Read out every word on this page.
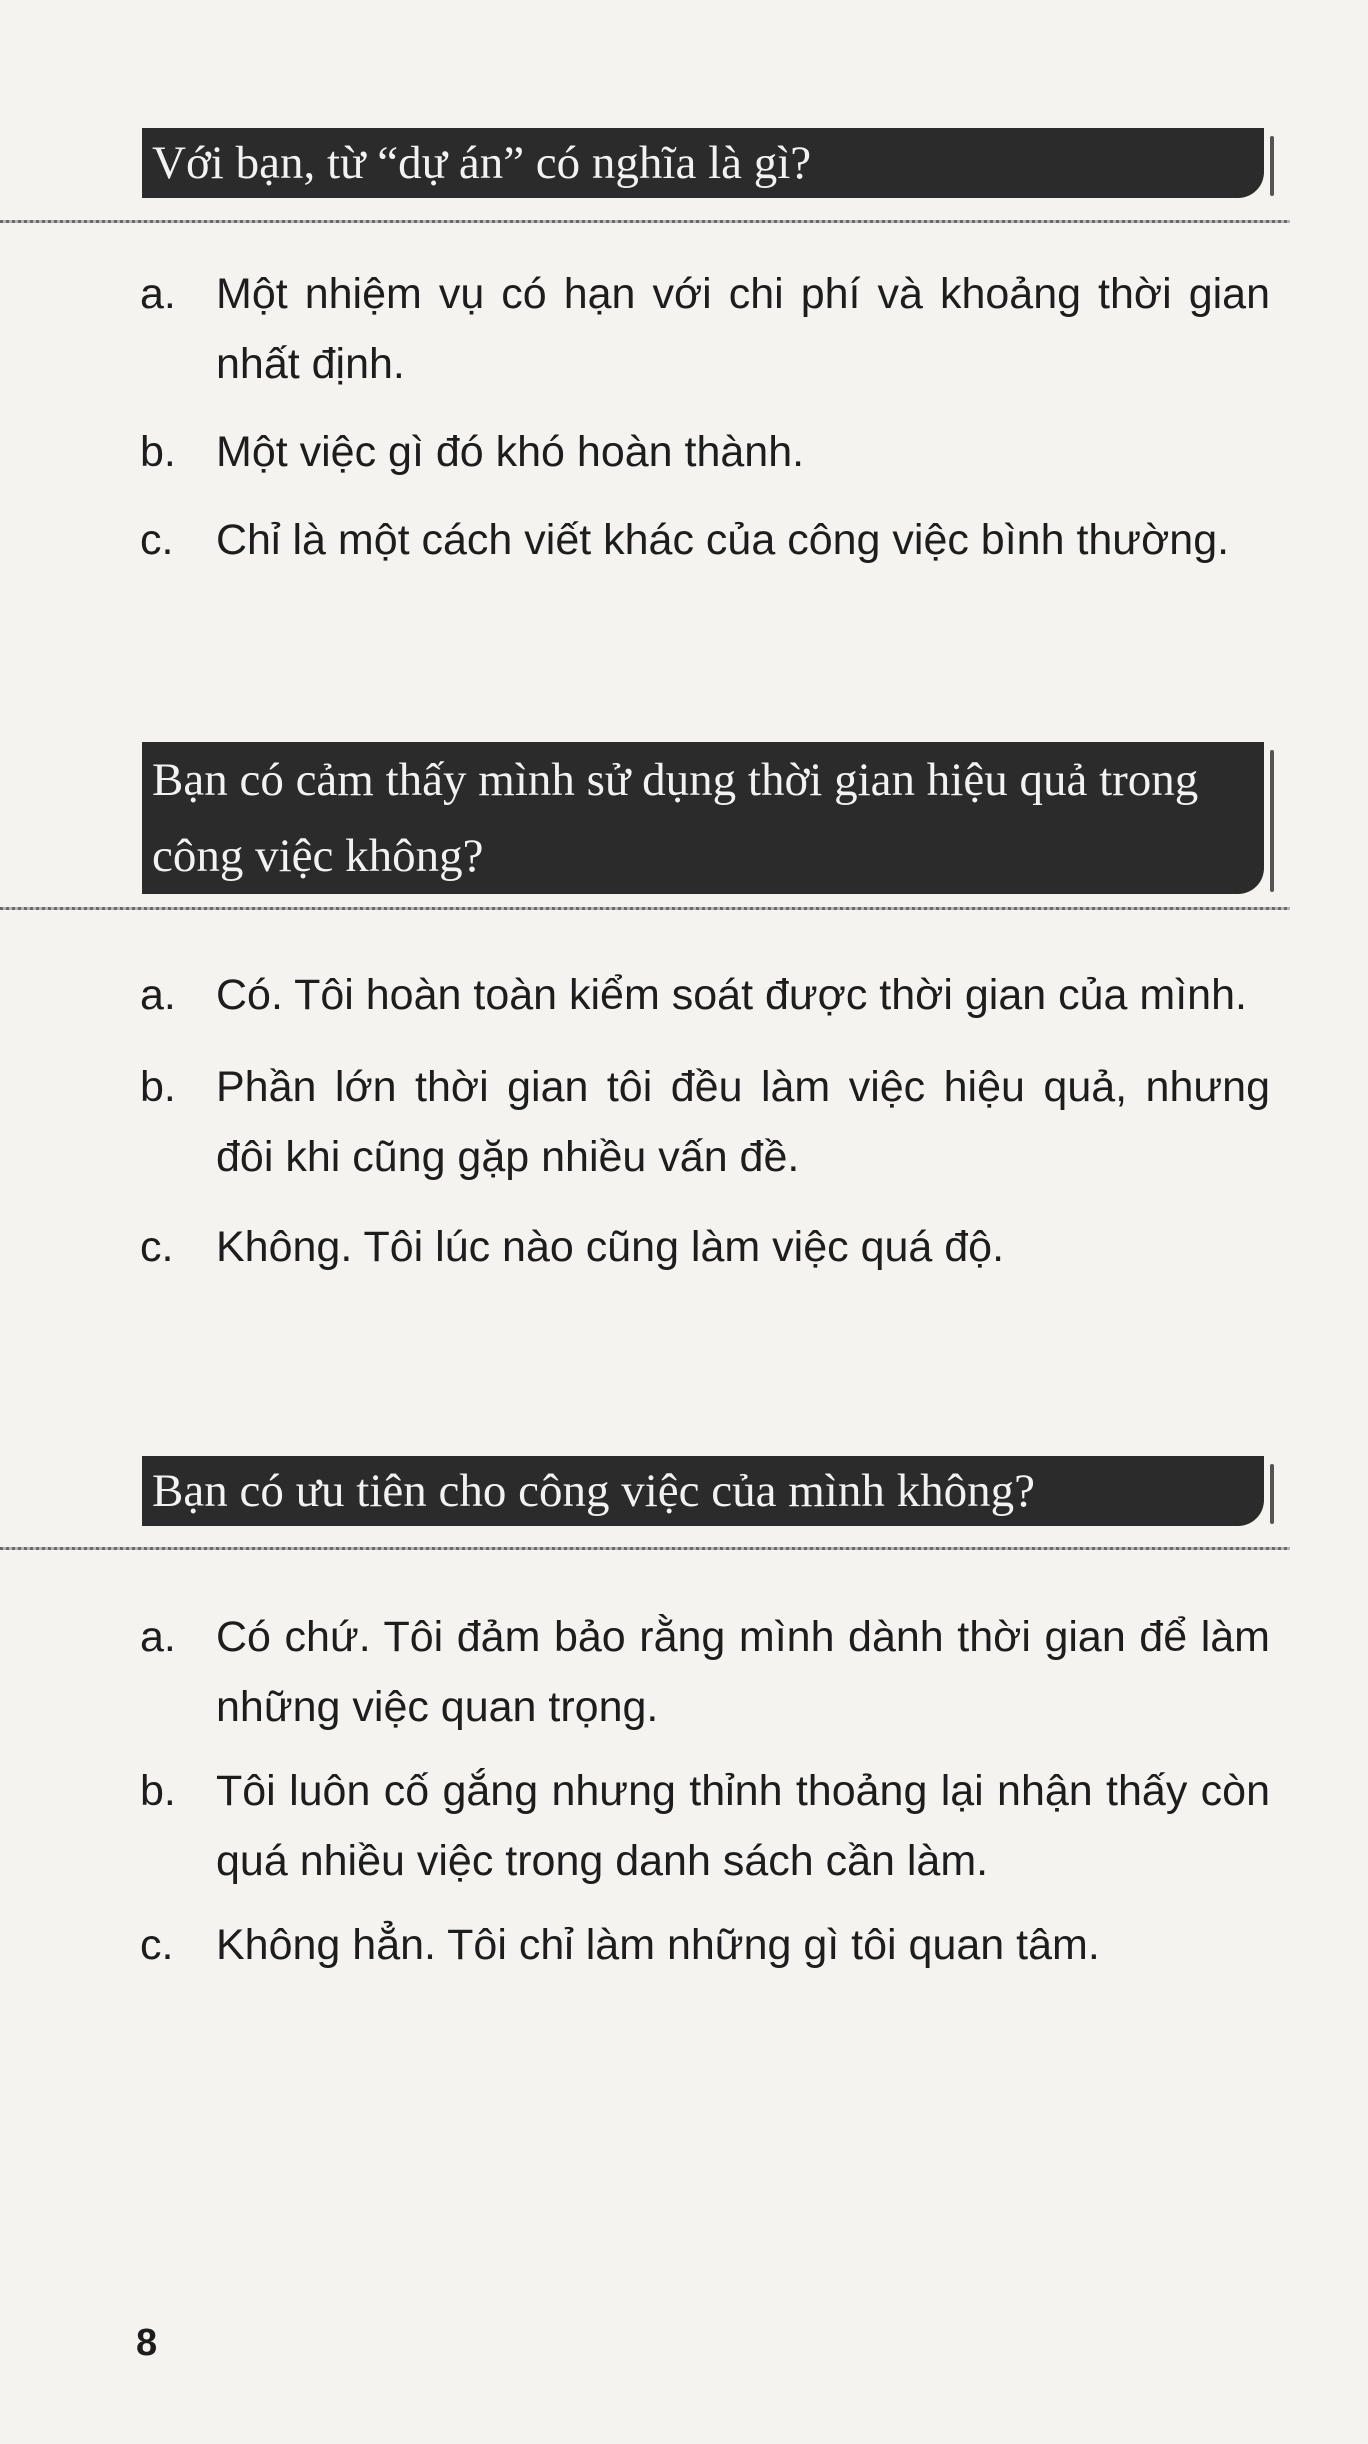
Với bạn, từ “dự án” có nghĩa là gì?
a. Một nhiệm vụ có hạn với chi phí và khoảng thời gian nhất định.
b. Một việc gì đó khó hoàn thành.
c. Chỉ là một cách viết khác của công việc bình thường.
Bạn có cảm thấy mình sử dụng thời gian hiệu quả trong công việc không?
a. Có. Tôi hoàn toàn kiểm soát được thời gian của mình.
b. Phần lớn thời gian tôi đều làm việc hiệu quả, nhưng đôi khi cũng gặp nhiều vấn đề.
c. Không. Tôi lúc nào cũng làm việc quá độ.
Bạn có ưu tiên cho công việc của mình không?
a. Có chứ. Tôi đảm bảo rằng mình dành thời gian để làm những việc quan trọng.
b. Tôi luôn cố gắng nhưng thỉnh thoảng lại nhận thấy còn quá nhiều việc trong danh sách cần làm.
c. Không hẳn. Tôi chỉ làm những gì tôi quan tâm.
8
